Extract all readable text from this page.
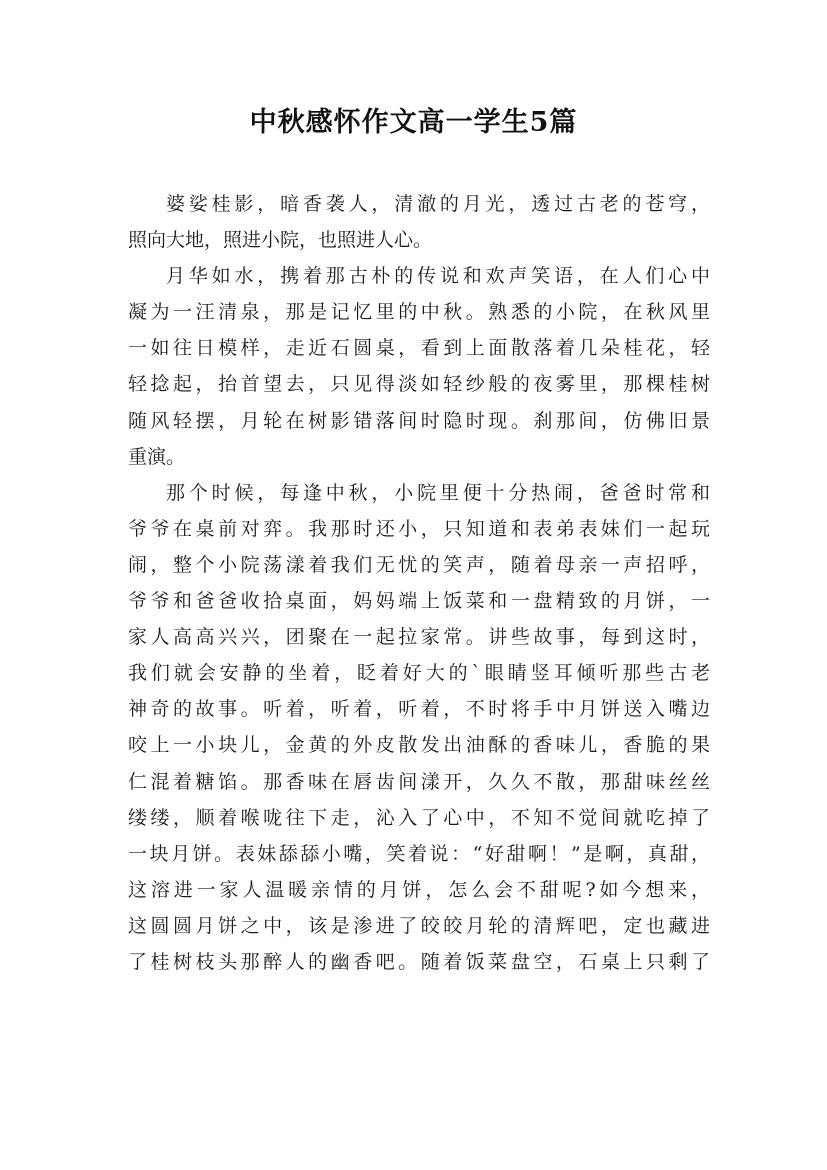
中秋感怀作文高一学生5篇
婆娑桂影，暗香袭人，清澈的月光，透过古老的苍穹，
照向大地，照进小院，也照进人心。
月华如水，携着那古朴的传说和欢声笑语，在人们心中
凝为一汪清泉，那是记忆里的中秋。熟悉的小院，在秋风里
一如往日模样，走近石圆桌，看到上面散落着几朵桂花，轻
轻捻起，抬首望去，只见得淡如轻纱般的夜雾里，那棵桂树
随风轻摆，月轮在树影错落间时隐时现。刹那间，仿佛旧景
重演。
那个时候，每逢中秋，小院里便十分热闹，爸爸时常和
爷爷在桌前对弈。我那时还小，只知道和表弟表妹们一起玩
闹，整个小院荡漾着我们无忧的笑声，随着母亲一声招呼，
爷爷和爸爸收拾桌面，妈妈端上饭菜和一盘精致的月饼，一
家人高高兴兴，团聚在一起拉家常。讲些故事，每到这时，
我们就会安静的坐着，眨着好大的`眼睛竖耳倾听那些古老
神奇的故事。听着，听着，听着，不时将手中月饼送入嘴边
咬上一小块儿，金黄的外皮散发出油酥的香味儿，香脆的果
仁混着糖馅。那香味在唇齿间漾开，久久不散，那甜味丝丝
缕缕，顺着喉咙往下走，沁入了心中，不知不觉间就吃掉了
一块月饼。表妹舔舔小嘴，笑着说：“好甜啊！”是啊，真甜，
这溶进一家人温暖亲情的月饼，怎么会不甜呢?如今想来，
这圆圆月饼之中，该是渗进了皎皎月轮的清辉吧，定也藏进
了桂树枝头那醉人的幽香吧。随着饭菜盘空，石桌上只剩了
